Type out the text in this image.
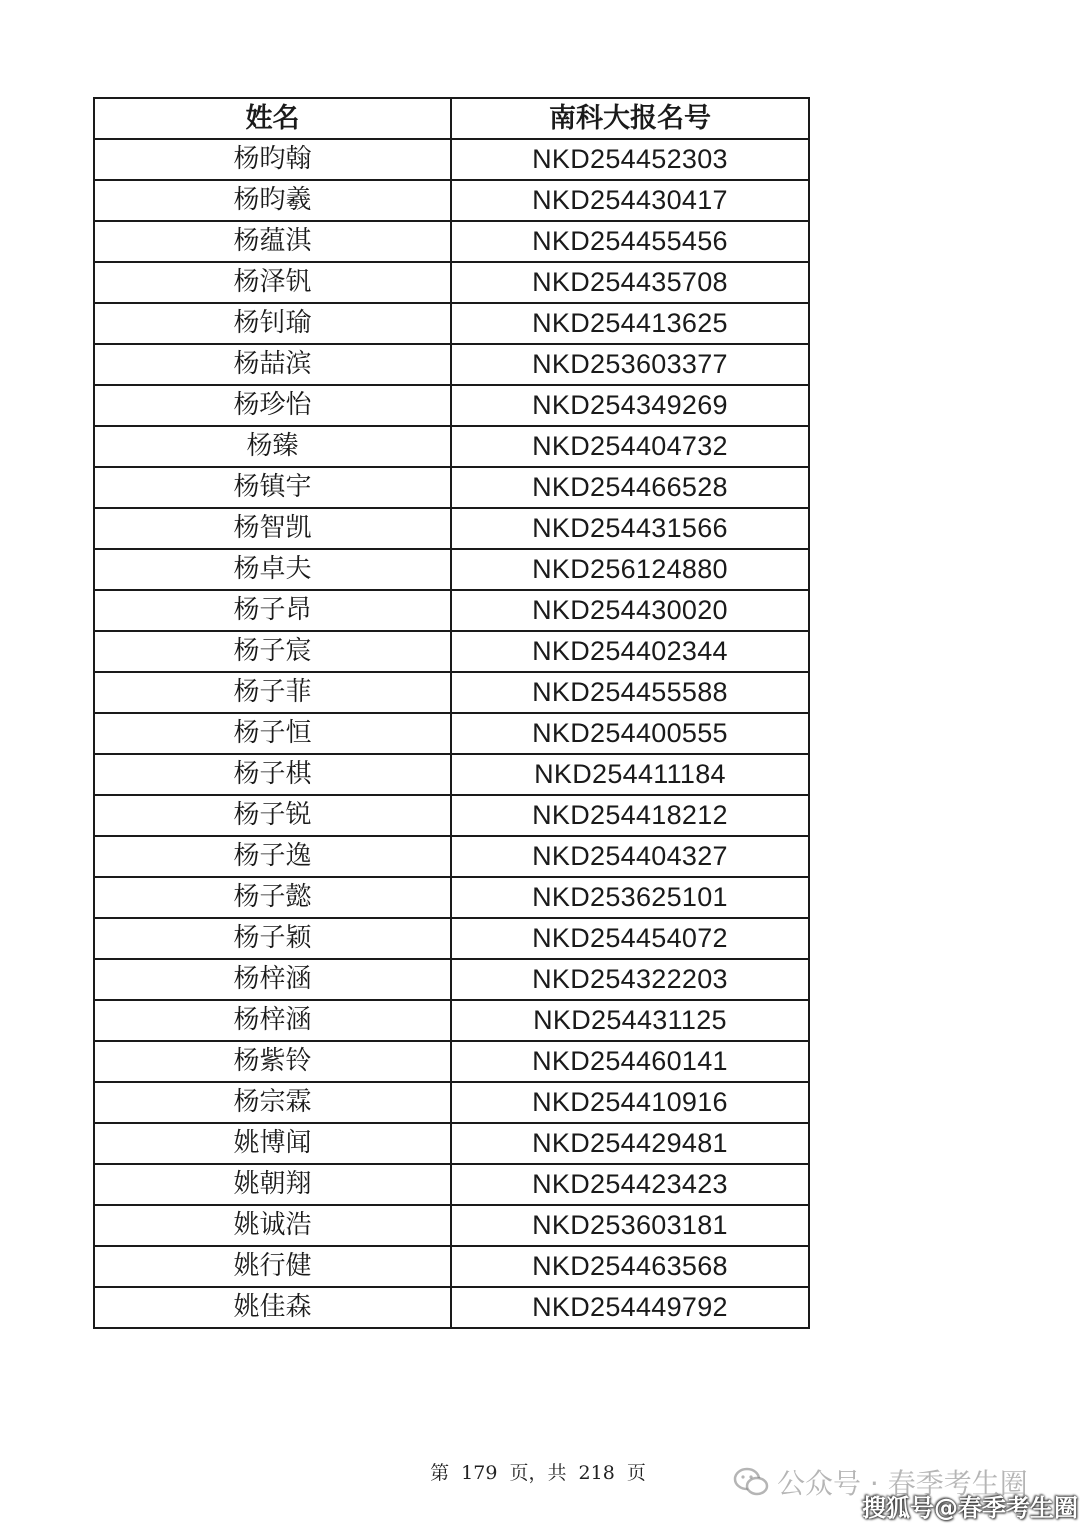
姓名	南科大报名号
杨昀翰	NKD254452303
杨昀羲	NKD254430417
杨蕴淇	NKD254455456
杨泽钒	NKD254435708
杨钊瑜	NKD254413625
杨喆滨	NKD253603377
杨珍怡	NKD254349269
杨臻	NKD254404732
杨镇宇	NKD254466528
杨智凯	NKD254431566
杨卓夫	NKD256124880
杨子昂	NKD254430020
杨子宸	NKD254402344
杨子菲	NKD254455588
杨子恒	NKD254400555
杨子棋	NKD254411184
杨子锐	NKD254418212
杨子逸	NKD254404327
杨子懿	NKD253625101
杨子颖	NKD254454072
杨梓涵	NKD254322203
杨梓涵	NKD254431125
杨紫铃	NKD254460141
杨宗霖	NKD254410916
姚博闻	NKD254429481
姚朝翔	NKD254423423
姚诚浩	NKD253603181
姚行健	NKD254463568
姚佳森	NKD254449792
第 179 页，共 218 页	公众号 · 春季考生圈
搜狐号@春季考生圈
